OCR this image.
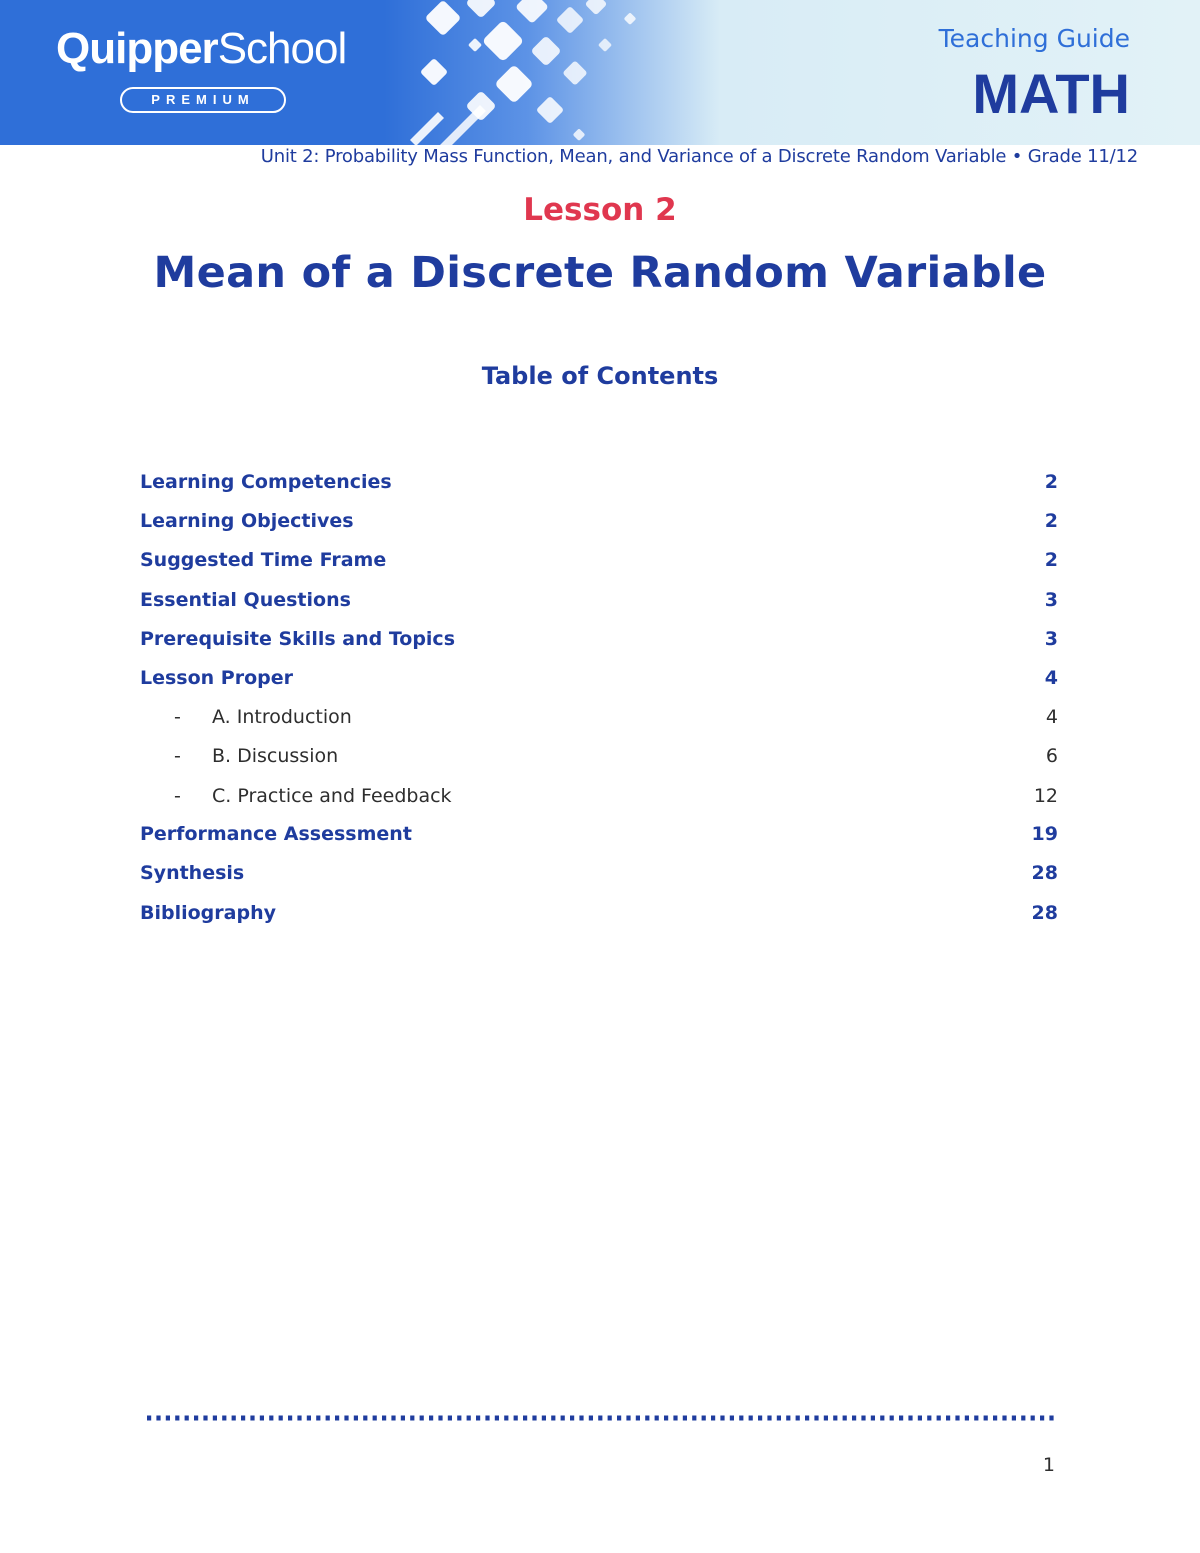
QuipperSchool
PREMIUM
Teaching Guide
MATH
Unit 2: Probability Mass Function, Mean, and Variance of a Discrete Random Variable • Grade 11/12
Lesson 2
Mean of a Discrete Random Variable
Table of Contents
Learning Competencies	2
Learning Objectives	2
Suggested Time Frame	2
Essential Questions	3
Prerequisite Skills and Topics	3
Lesson Proper	4
- A. Introduction	4
- B. Discussion	6
- C. Practice and Feedback	12
Performance Assessment	19
Synthesis	28
Bibliography	28
1
